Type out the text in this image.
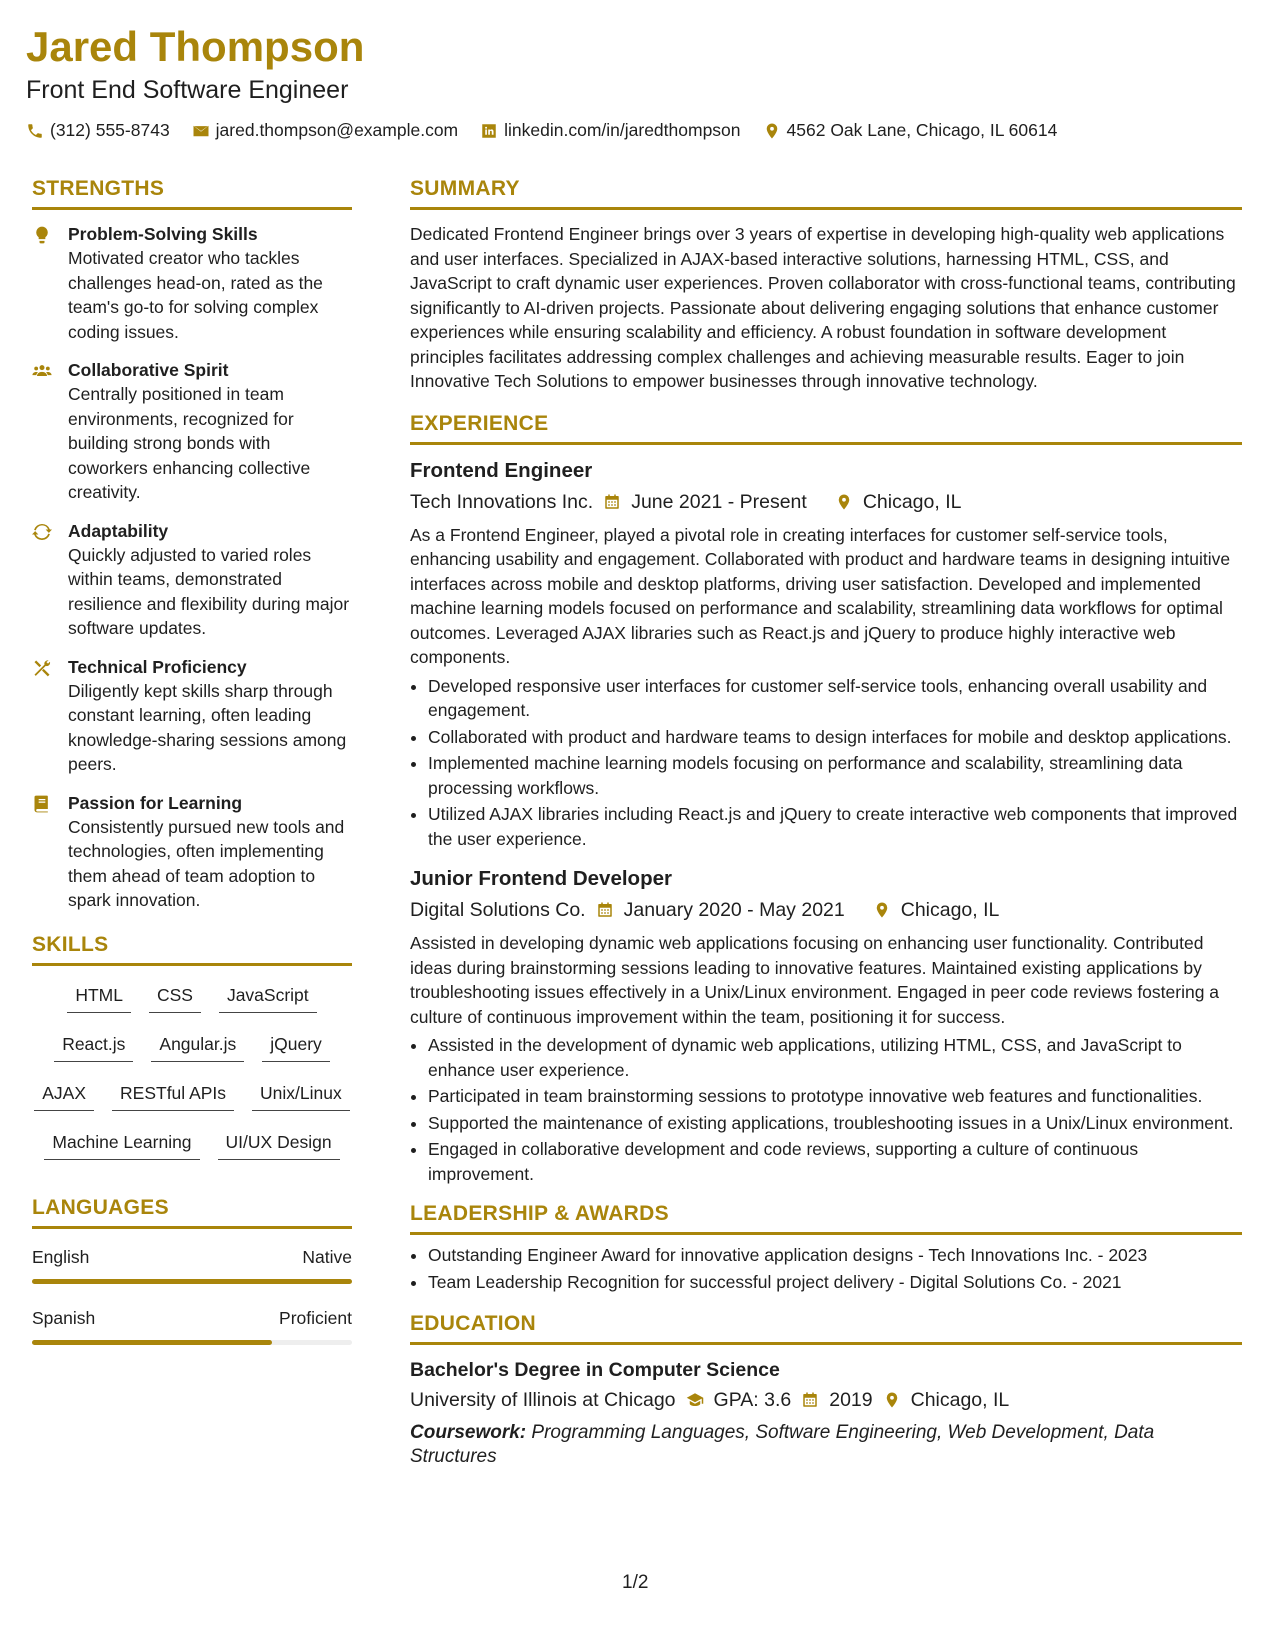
Jared Thompson
Front End Software Engineer
(312) 555-8743	jared.thompson@example.com	linkedin.com/in/jaredthompson	4562 Oak Lane, Chicago, IL 60614
STRENGTHS
Problem-Solving Skills
Motivated creator who tackles challenges head-on, rated as the team's go-to for solving complex coding issues.
Collaborative Spirit
Centrally positioned in team environments, recognized for building strong bonds with coworkers enhancing collective creativity.
Adaptability
Quickly adjusted to varied roles within teams, demonstrated resilience and flexibility during major software updates.
Technical Proficiency
Diligently kept skills sharp through constant learning, often leading knowledge-sharing sessions among peers.
Passion for Learning
Consistently pursued new tools and technologies, often implementing them ahead of team adoption to spark innovation.
SKILLS
HTML	CSS	JavaScript
React.js	Angular.js	jQuery
AJAX	RESTful APIs	Unix/Linux
Machine Learning	UI/UX Design
LANGUAGES
English	Native
Spanish	Proficient
SUMMARY

Dedicated Frontend Engineer brings over 3 years of expertise in developing high-quality web applications and user interfaces. Specialized in AJAX-based interactive solutions, harnessing HTML, CSS, and JavaScript to craft dynamic user experiences. Proven collaborator with cross-functional teams, contributing significantly to AI-driven projects. Passionate about delivering engaging solutions that enhance customer experiences while ensuring scalability and efficiency. A robust foundation in software development principles facilitates addressing complex challenges and achieving measurable results. Eager to join Innovative Tech Solutions to empower businesses through innovative technology.

EXPERIENCE
Frontend Engineer
Tech Innovations Inc. June 2021 - Present	Chicago, IL
As a Frontend Engineer, played a pivotal role in creating interfaces for customer self-service tools, enhancing usability and engagement. Collaborated with product and hardware teams in designing intuitive interfaces across mobile and desktop platforms, driving user satisfaction. Developed and implemented machine learning models focused on performance and scalability, streamlining data workflows for optimal outcomes. Leveraged AJAX libraries such as React.js and jQuery to produce highly interactive web components.
• Developed responsive user interfaces for customer self-service tools, enhancing overall usability and engagement.
• Collaborated with product and hardware teams to design interfaces for mobile and desktop applications.
• Implemented machine learning models focusing on performance and scalability, streamlining data processing workflows.
• Utilized AJAX libraries including React.js and jQuery to create interactive web components that improved the user experience.
Junior Frontend Developer
Digital Solutions Co. January 2020 - May 2021	Chicago, IL
Assisted in developing dynamic web applications focusing on enhancing user functionality. Contributed ideas during brainstorming sessions leading to innovative features. Maintained existing applications by troubleshooting issues effectively in a Unix/Linux environment. Engaged in peer code reviews fostering a culture of continuous improvement within the team, positioning it for success.
• Assisted in the development of dynamic web applications, utilizing HTML, CSS, and JavaScript to enhance user experience.
• Participated in team brainstorming sessions to prototype innovative web features and functionalities.
• Supported the maintenance of existing applications, troubleshooting issues in a Unix/Linux environment.
• Engaged in collaborative development and code reviews, supporting a culture of continuous improvement.
LEADERSHIP & AWARDS
• Outstanding Engineer Award for innovative application designs - Tech Innovations Inc. - 2023
• Team Leadership Recognition for successful project delivery - Digital Solutions Co. - 2021
EDUCATION
Bachelor's Degree in Computer Science
University of Illinois at Chicago GPA: 3.6 2019 Chicago, IL
Coursework: Programming Languages, Software Engineering, Web Development, Data Structures
1/2
